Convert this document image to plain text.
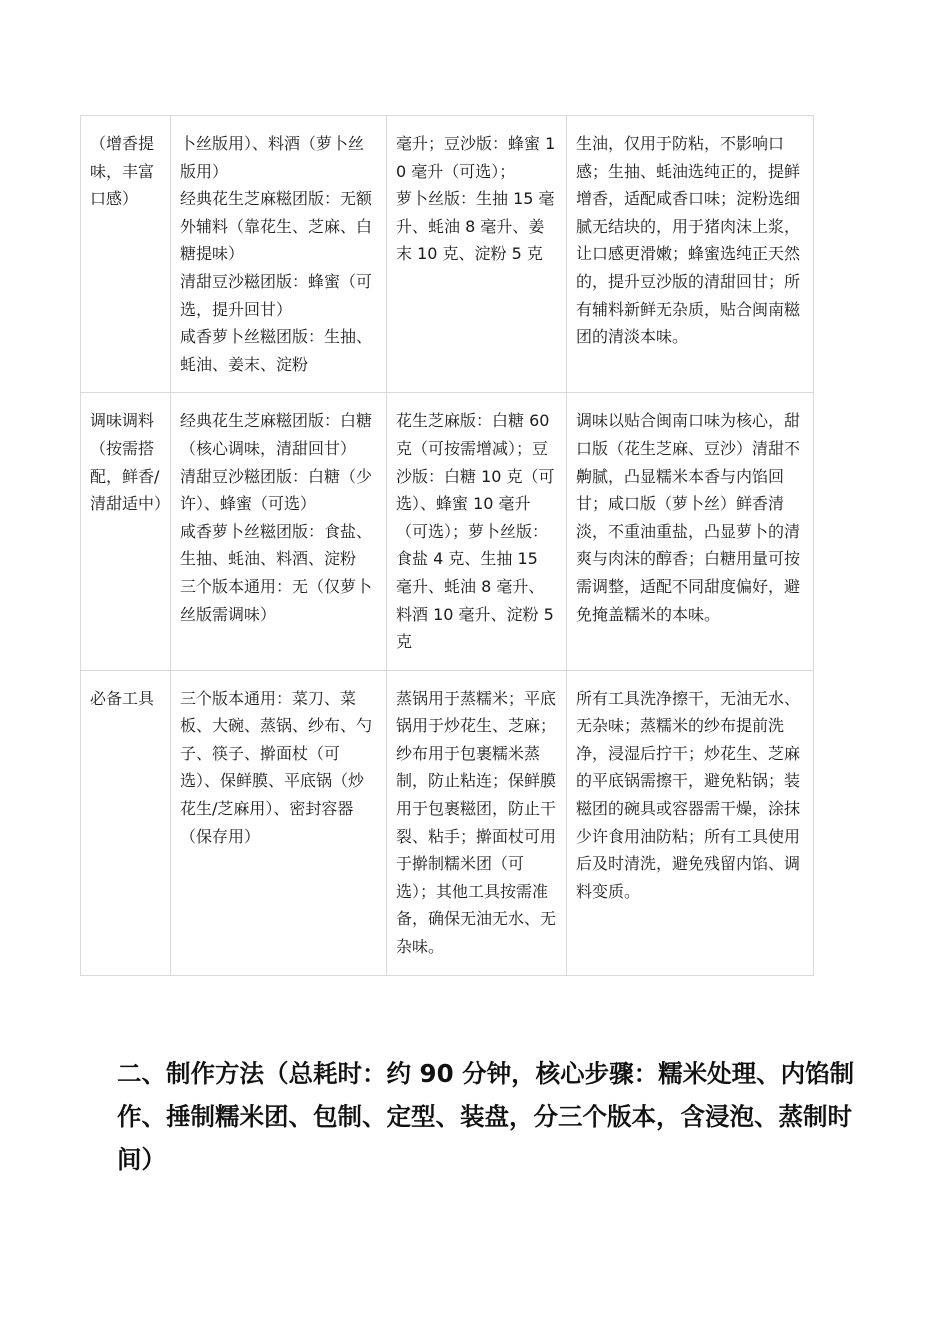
（增香提味，丰富口感）	卜丝版用）、料酒（萝卜丝版用）
经典花生芝麻糍团版：无额外辅料（靠花生、芝麻、白糖提味）
清甜豆沙糍团版：蜂蜜（可选，提升回甘）
咸香萝卜丝糍团版：生抽、蚝油、姜末、淀粉	毫升；豆沙版：蜂蜜 10 毫升（可选）；
萝卜丝版：生抽 15 毫升、蚝油 8 毫升、姜末 10 克、淀粉 5 克	生油，仅用于防粘，不影响口感；生抽、蚝油选纯正的，提鲜增香，适配咸香口味；淀粉选细腻无结块的，用于猪肉沫上浆，让口感更滑嫩；蜂蜜选纯正天然的，提升豆沙版的清甜回甘；所有辅料新鲜无杂质，贴合闽南糍团的清淡本味。
调味调料（按需搭配，鲜香/清甜适中）	经典花生芝麻糍团版：白糖（核心调味，清甜回甘）
清甜豆沙糍团版：白糖（少许）、蜂蜜（可选）
咸香萝卜丝糍团版：食盐、生抽、蚝油、料酒、淀粉
三个版本通用：无（仅萝卜丝版需调味）	花生芝麻版：白糖 60 克（可按需增减）；豆沙版：白糖 10 克（可选）、蜂蜜 10 毫升（可选）；萝卜丝版：食盐 4 克、生抽 15 毫升、蚝油 8 毫升、料酒 10 毫升、淀粉 5 克	调味以贴合闽南口味为核心，甜口版（花生芝麻、豆沙）清甜不齁腻，凸显糯米本香与内馅回甘；咸口版（萝卜丝）鲜香清淡，不重油重盐，凸显萝卜的清爽与肉沫的醇香；白糖用量可按需调整，适配不同甜度偏好，避免掩盖糯米的本味。
必备工具	三个版本通用：菜刀、菜板、大碗、蒸锅、纱布、勺子、筷子、擀面杖（可选）、保鲜膜、平底锅（炒花生/芝麻用）、密封容器（保存用）	蒸锅用于蒸糯米；平底锅用于炒花生、芝麻；纱布用于包裹糯米蒸制，防止粘连；保鲜膜用于包裹糍团，防止干裂、粘手；擀面杖可用于擀制糯米团（可选）；其他工具按需准备，确保无油无水、无杂味。	所有工具洗净擦干，无油无水、无杂味；蒸糯米的纱布提前洗净，浸湿后拧干；炒花生、芝麻的平底锅需擦干，避免粘锅；装糍团的碗具或容器需干燥，涂抹少许食用油防粘；所有工具使用后及时清洗，避免残留内馅、调料变质。
二、制作方法（总耗时：约 90 分钟，核心步骤：糯米处理、内馅制作、捶制糯米团、包制、定型、装盘，分三个版本，含浸泡、蒸制时间）
